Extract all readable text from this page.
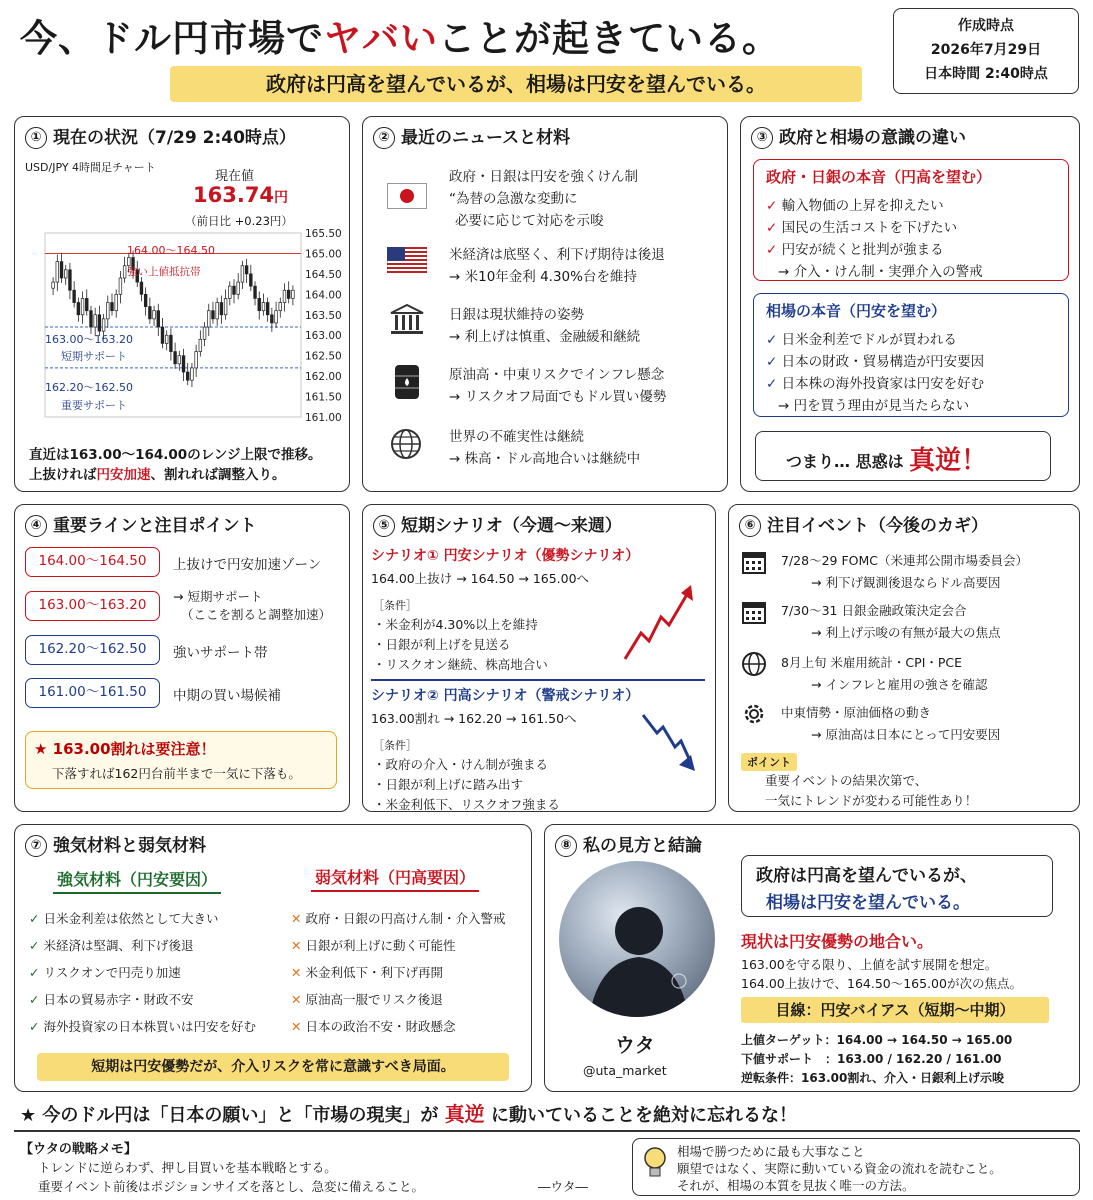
今、ドル円市場でヤバいことが起きている。
政府は円高を望んでいるが、相場は円安を望んでいる。
作成時点
2026年7月29日
日本時間 2:40時点
① 現在の状況（7/29 2:40時点）
USD/JPY 4時間足チャート
現在値
163.74円
（前日比 +0.23円）
165.50
165.00
164.50
164.00
163.50
163.00
162.50
162.00
161.50
161.00
164.00～164.50
強い上値抵抗帯
163.00～163.20
短期サポート
162.20～162.50
重要サポート
直近は163.00～164.00のレンジ上限で推移。
上抜ければ円安加速、割れれば調整入り。
② 最近のニュースと材料
政府・日銀は円安を強くけん制
“為替の急激な変動に
必要に応じて対応を示唆
米経済は底堅く、利下げ期待は後退
→ 米10年金利 4.30%台を維持
日銀は現状維持の姿勢
→ 利上げは慎重、金融緩和継続
原油高・中東リスクでインフレ懸念
→ リスクオフ局面でもドル買い優勢
世界の不確実性は継続
→ 株高・ドル高地合いは継続中
③ 政府と相場の意識の違い
政府・日銀の本音（円高を望む）
✓ 輸入物価の上昇を抑えたい
✓ 国民の生活コストを下げたい
✓ 円安が続くと批判が強まる
→ 介入・けん制・実弾介入の警戒
相場の本音（円安を望む）
✓ 日米金利差でドルが買われる
✓ 日本の財政・貿易構造が円安要因
✓ 日本株の海外投資家は円安を好む
→ 円を買う理由が見当たらない
つまり… 思惑は 真逆！
④ 重要ラインと注目ポイント
164.00～164.50	上抜けで円安加速ゾーン
163.00～163.20
→ 短期サポート
（ここを割ると調整加速）
162.20～162.50	強いサポート帯
161.00～161.50	中期の買い場候補
★ 163.00割れは要注意！
下落すれば162円台前半まで一気に下落も。
⑤ 短期シナリオ（今週～来週）
シナリオ① 円安シナリオ（優勢シナリオ）
164.00上抜け → 164.50 → 165.00へ
［条件］
・米金利が4.30%以上を維持
・日銀が利上げを見送る
・リスクオン継続、株高地合い
シナリオ② 円高シナリオ（警戒シナリオ）
163.00割れ → 162.20 → 161.50へ
［条件］
・政府の介入・けん制が強まる
・日銀が利上げに踏み出す
・米金利低下、リスクオフ強まる
⑥ 注目イベント（今後のカギ）
7/28～29 FOMC（米連邦公開市場委員会）
→ 利下げ観測後退ならドル高要因
7/30～31 日銀金融政策決定会合
→ 利上げ示唆の有無が最大の焦点
8月上旬 米雇用統計・CPI・PCE
→ インフレと雇用の強さを確認
中東情勢・原油価格の動き
→ 原油高は日本にとって円安要因
ポイント
重要イベントの結果次第で、
一気にトレンドが変わる可能性あり！
⑦ 強気材料と弱気材料
強気材料（円安要因）	弱気材料（円高要因）
✓ 日米金利差は依然として大きい
✓ 米経済は堅調、利下げ後退
✓ リスクオンで円売り加速
✓ 日本の貿易赤字・財政不安
✓ 海外投資家の日本株買いは円安を好む
✕ 政府・日銀の円高けん制・介入警戒
✕ 日銀が利上げに動く可能性
✕ 米金利低下・利下げ再開
✕ 原油高一服でリスク後退
✕ 日本の政治不安・財政懸念
短期は円安優勢だが、介入リスクを常に意識すべき局面。
⑧ 私の見方と結論
ウタ
@uta_market
政府は円高を望んでいるが、
相場は円安を望んでいる。
現状は円安優勢の地合い。
163.00を守る限り、上値を試す展開を想定。
164.00上抜けで、164.50～165.00が次の焦点。
目線：円安バイアス（短期～中期）
上値ターゲット：164.00 → 164.50 → 165.00
下値サポート　：163.00 / 162.20 / 161.00
逆転条件：163.00割れ、介入・日銀利上げ示唆
★ 今のドル円は「日本の願い」と「市場の現実」が 真逆 に動いていることを絶対に忘れるな！
【ウタの戦略メモ】
トレンドに逆らわず、押し目買いを基本戦略とする。
重要イベント前後はポジションサイズを落とし、急変に備えること。	―ウタ―
相場で勝つために最も大事なこと
願望ではなく、実際に動いている資金の流れを読むこと。
それが、相場の本質を見抜く唯一の方法。
